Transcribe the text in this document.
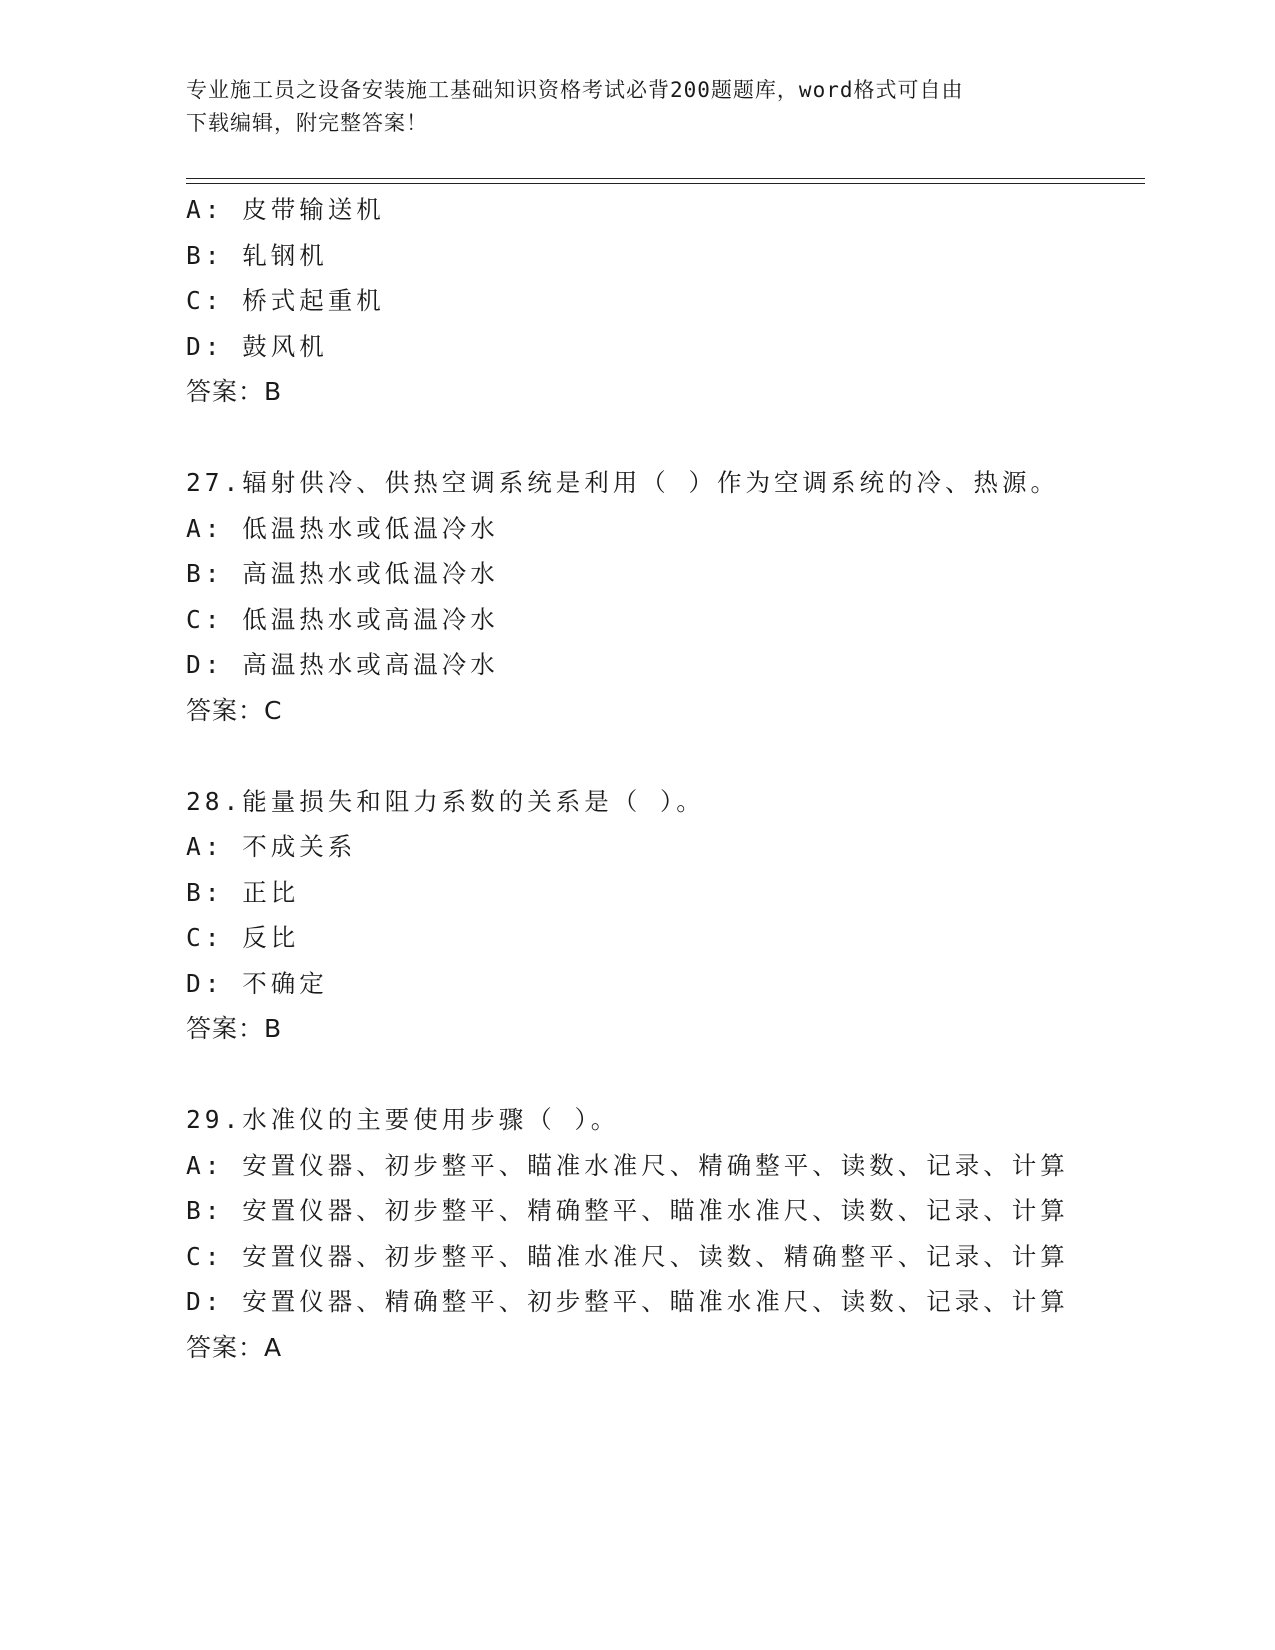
专业施工员之设备安装施工基础知识资格考试必背200题题库，word格式可自由
下载编辑，附完整答案！
A: 皮带输送机
B: 轧钢机
C: 桥式起重机
D: 鼓风机
答案：B
27.辐射供冷、供热空调系统是利用（ ）作为空调系统的冷、热源。
A: 低温热水或低温冷水
B: 高温热水或低温冷水
C: 低温热水或高温冷水
D: 高温热水或高温冷水
答案：C
28.能量损失和阻力系数的关系是（ ）。
A: 不成关系
B: 正比
C: 反比
D: 不确定
答案：B
29.水准仪的主要使用步骤（ ）。
A: 安置仪器、初步整平、瞄准水准尺、精确整平、读数、记录、计算
B: 安置仪器、初步整平、精确整平、瞄准水准尺、读数、记录、计算
C: 安置仪器、初步整平、瞄准水准尺、读数、精确整平、记录、计算
D: 安置仪器、精确整平、初步整平、瞄准水准尺、读数、记录、计算
答案：A
